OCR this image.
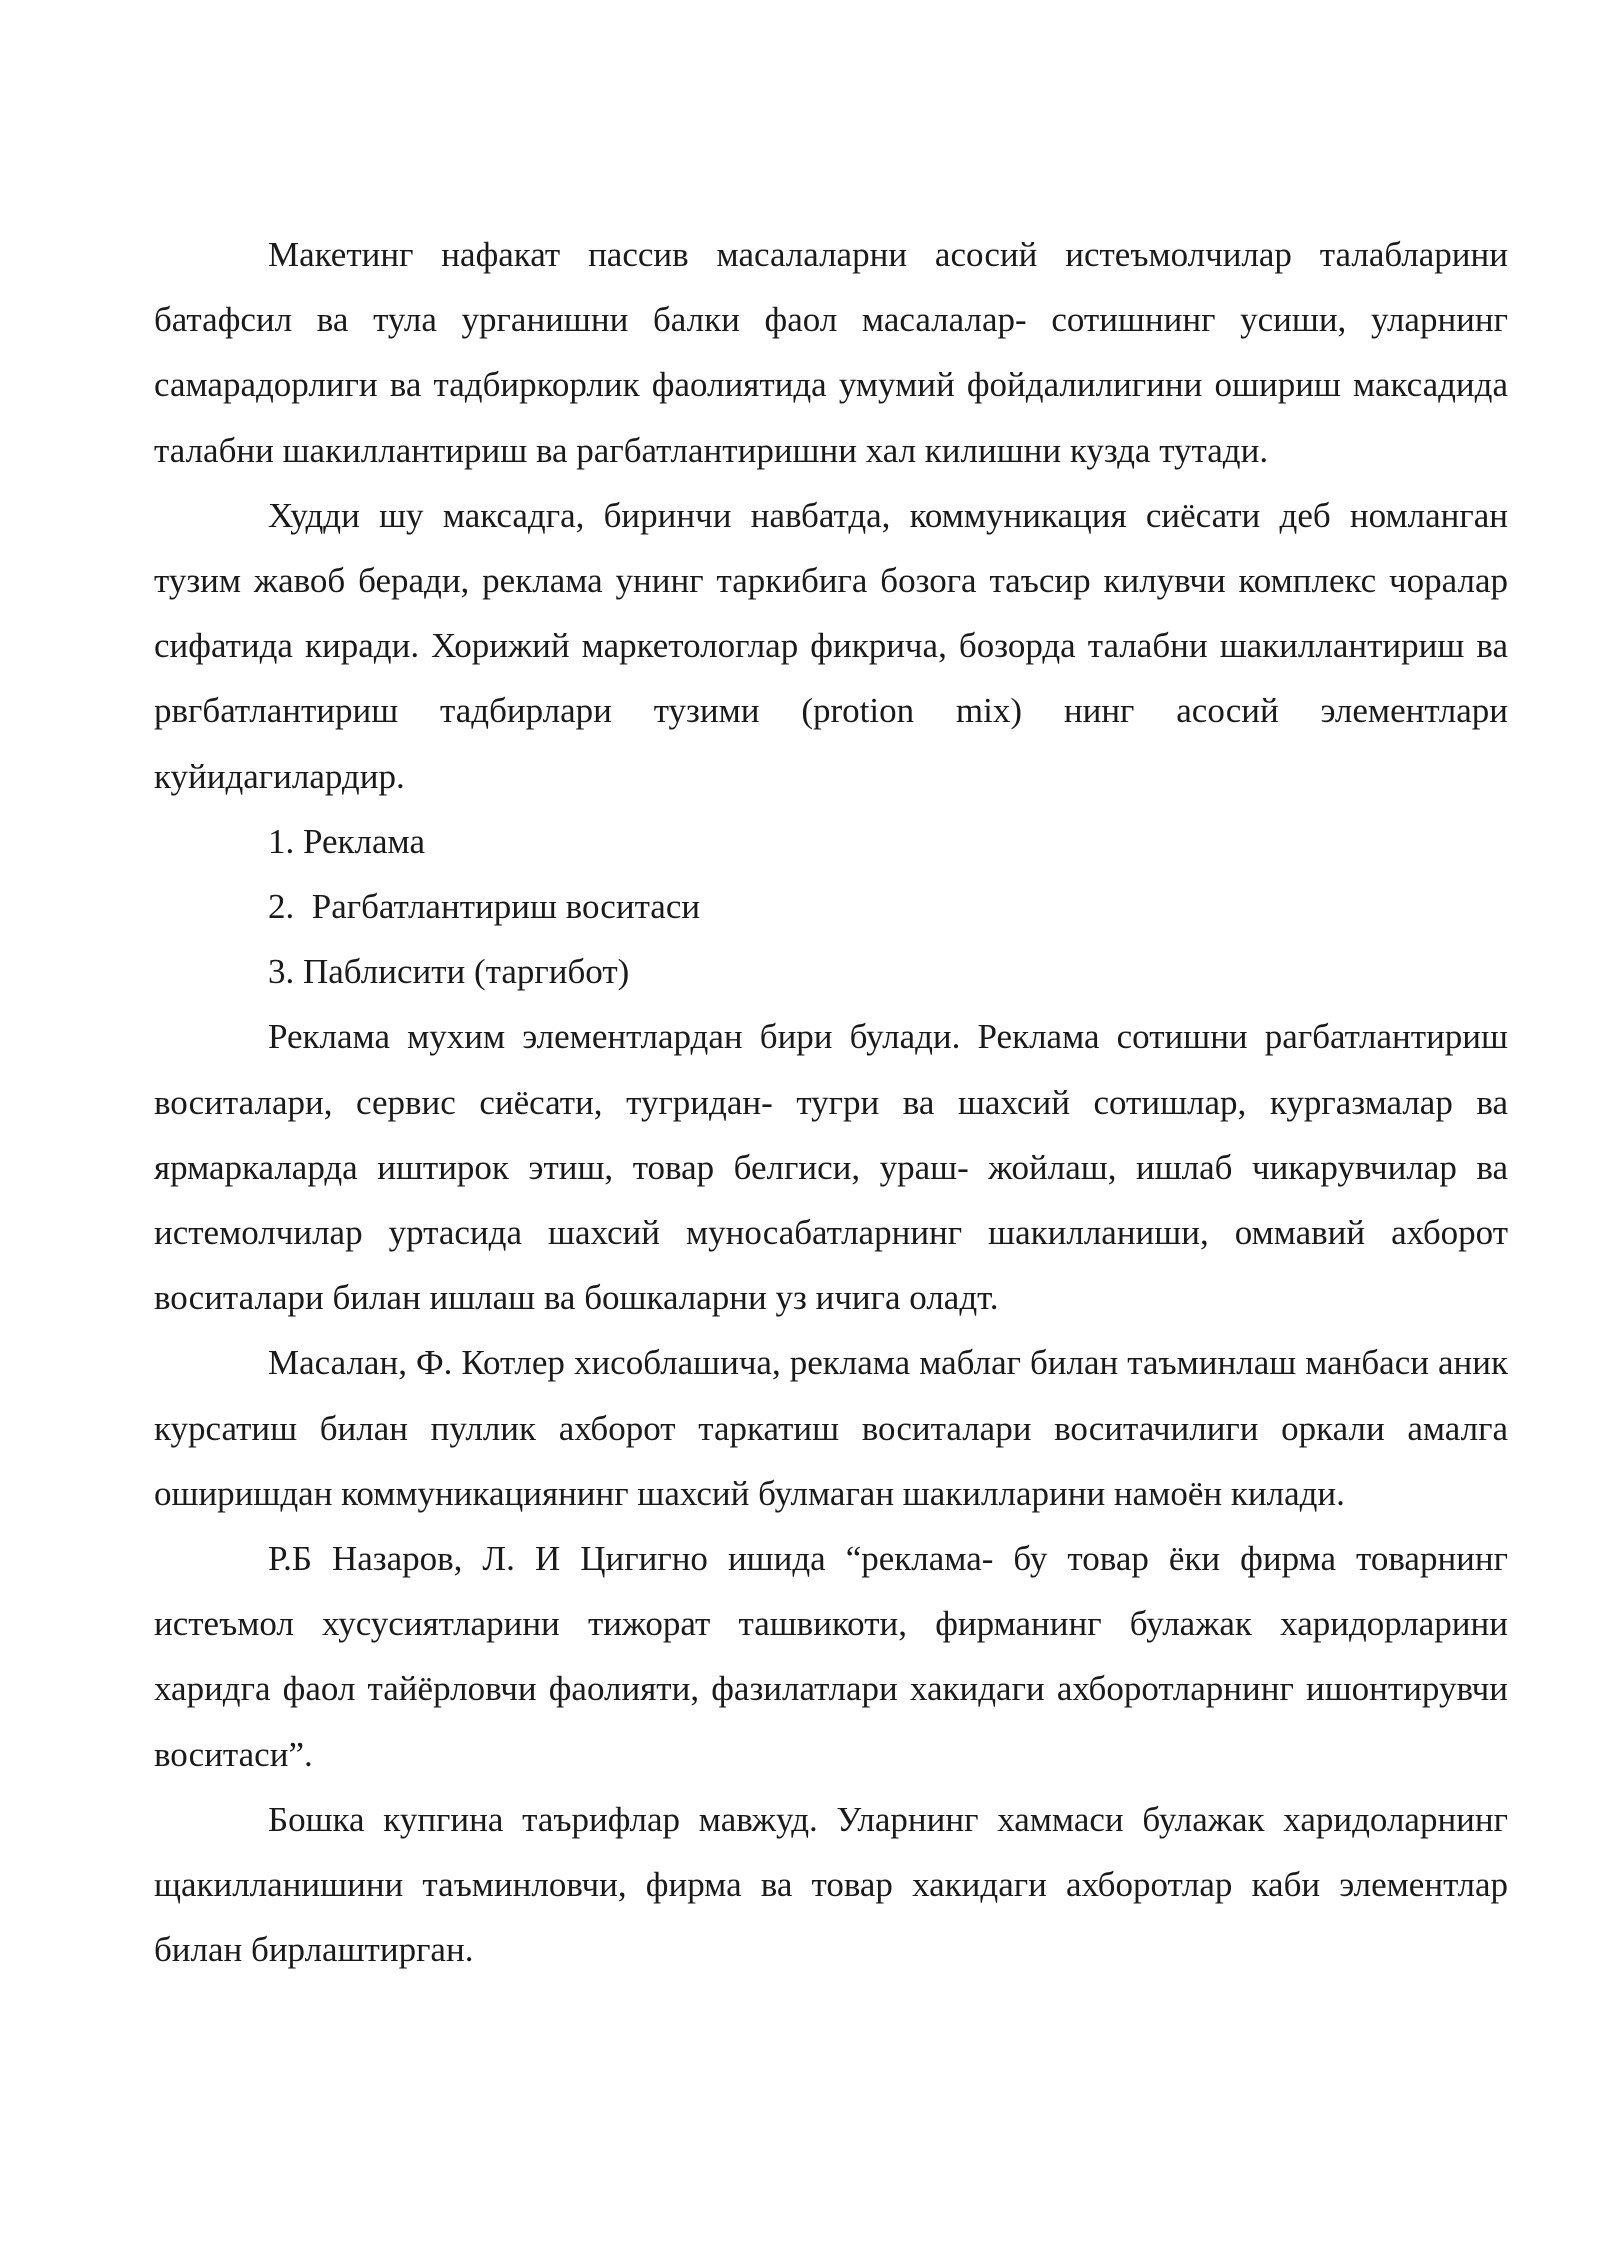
Макетинг нафакат пассив масалаларни асосий истеъмолчилар талабларини батафсил ва тула урганишни балки фаол масалалар- сотишнинг усиши, уларнинг самарадорлиги ва тадбиркорлик фаолиятида умумий фойдалилигини ошириш максадида талабни шакиллантириш ва рагбатлантиришни хал килишни кузда тутади.

Худди шу максадга, биринчи навбатда, коммуникация сиёсати деб номланган тузим жавоб беради, реклама унинг таркибига бозога таъсир килувчи комплекс чоралар сифатида киради. Хорижий маркетологлар фикрича, бозорда талабни шакиллантириш ва рвгбатлантириш тадбирлари тузими (protion mix) нинг асосий элементлари куйидагилардир.

1. Реклама

2.  Рагбатлантириш воситаси

3. Паблисити (таргибот)

Реклама мухим элементлардан бири булади. Реклама сотишни рагбатлантириш воситалари, сервис сиёсати, тугридан- тугри ва шахсий сотишлар, кургазмалар ва ярмаркаларда иштирок этиш, товар белгиси, ураш- жойлаш, ишлаб чикарувчилар ва истемолчилар уртасида шахсий муносабатларнинг шакилланиши, оммавий ахборот воситалари билан ишлаш ва бошкаларни уз ичига оладт.

Масалан, Ф. Котлер хисоблашича, реклама маблаг билан таъминлаш манбаси аник курсатиш билан пуллик ахборот таркатиш воситалари воситачилиги оркали амалга оширишдан коммуникациянинг шахсий булмаган шакилларини намоён килади.

Р.Б Назаров, Л. И Цигигно ишида “реклама- бу товар ёки фирма товарнинг истеъмол хусусиятларини тижорат ташвикоти, фирманинг булажак харидорларини харидга фаол тайёрловчи фаолияти, фазилатлари хакидаги ахборотларнинг ишонтирувчи воситаси”.

Бошка купгина таърифлар мавжуд. Уларнинг хаммаси булажак харидоларнинг щакилланишини таъминловчи, фирма ва товар хакидаги ахборотлар каби элементлар билан бирлаштирган.
